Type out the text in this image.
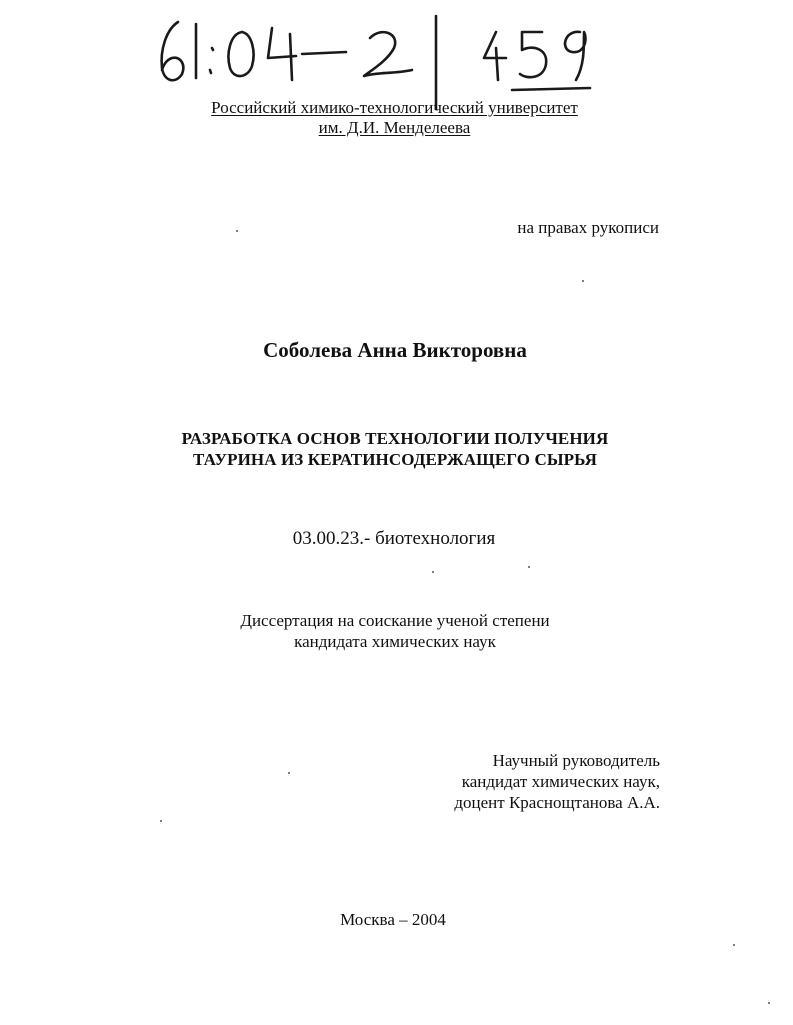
Российский химико-технологический университет
им. Д.И. Менделеева
на правах рукописи
Соболева Анна Викторовна
РАЗРАБОТКА ОСНОВ ТЕХНОЛОГИИ ПОЛУЧЕНИЯ
ТАУРИНА ИЗ КЕРАТИНСОДЕРЖАЩЕГО СЫРЬЯ
03.00.23.- биотехнология
Диссертация на соискание ученой степени
кандидата химических наук
Научный руководитель
кандидат химических наук,
доцент Краснощтанова А.А.
Москва – 2004
